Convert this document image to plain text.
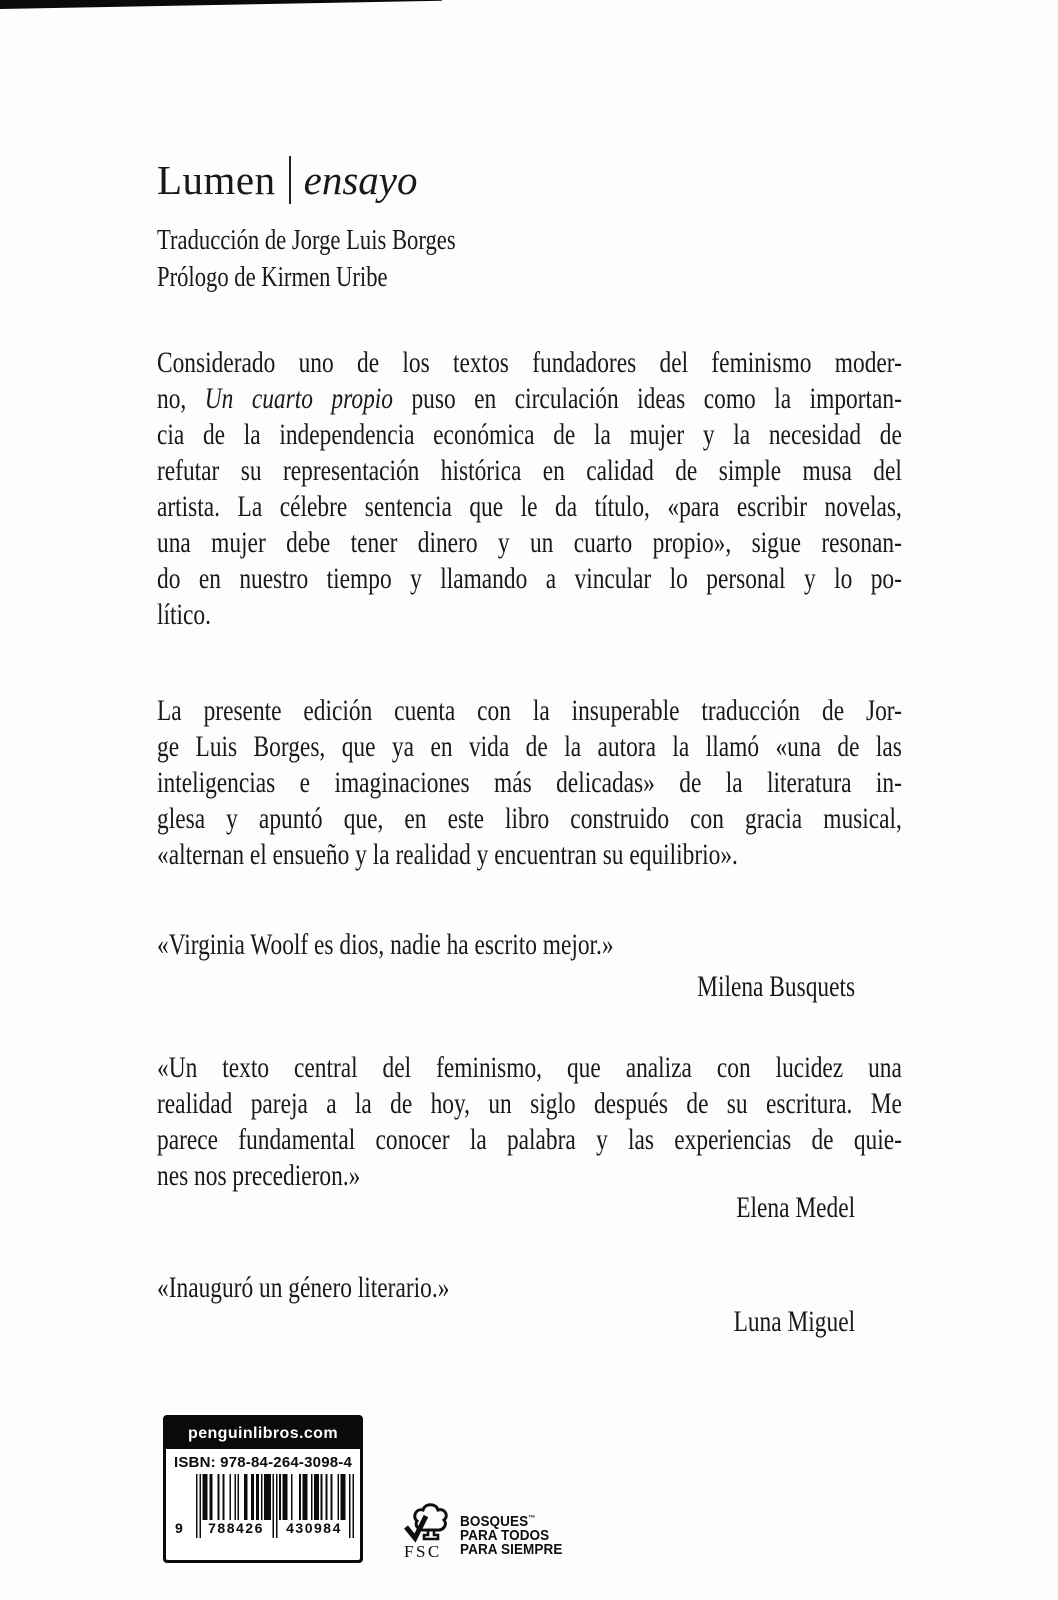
Lumen ensayo
Traducción de Jorge Luis Borges
Prólogo de Kirmen Uribe
Considerado uno de los textos fundadores del feminismo moder-
no, Un cuarto propio puso en circulación ideas como la importan-
cia de la independencia económica de la mujer y la necesidad de
refutar su representación histórica en calidad de simple musa del
artista. La célebre sentencia que le da título, «para escribir novelas,
una mujer debe tener dinero y un cuarto propio», sigue resonan-
do en nuestro tiempo y llamando a vincular lo personal y lo po-
lítico.
La presente edición cuenta con la insuperable traducción de Jor-
ge Luis Borges, que ya en vida de la autora la llamó «una de las
inteligencias e imaginaciones más delicadas» de la literatura in-
glesa y apuntó que, en este libro construido con gracia musical,
«alternan el ensueño y la realidad y encuentran su equilibrio».
«Virginia Woolf es dios, nadie ha escrito mejor.»
Milena Busquets
«Un texto central del feminismo, que analiza con lucidez una
realidad pareja a la de hoy, un siglo después de su escritura. Me
parece fundamental conocer la palabra y las experiencias de quie-
nes nos precedieron.»
Elena Medel
«Inauguró un género literario.»
Luna Miguel
penguinlibros.com
ISBN: 978-84-264-3098-4
9	788426	430984
FSC
BOSQUES™
PARA TODOS
PARA SIEMPRE
